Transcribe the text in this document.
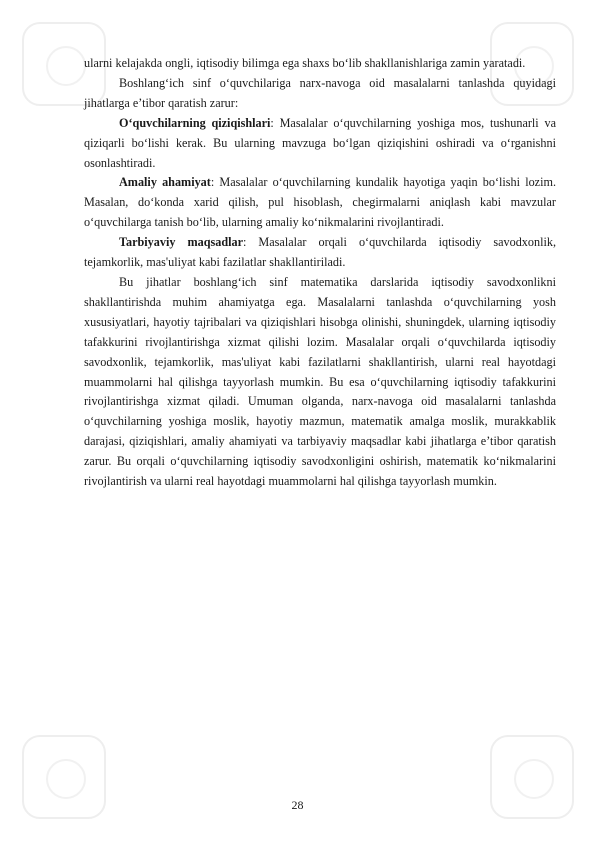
ularni kelajakda ongli, iqtisodiy bilimga ega shaxs bo‘lib shakllanishlariga zamin yaratadi.

Boshlang‘ich sinf o‘quvchilariga narx-navoga oid masalalarni tanlashda quyidagi jihatlarga e’tibor qaratish zarur:

O‘quvchilarning qiziqishlari: Masalalar o‘quvchilarning yoshiga mos, tushunarli va qiziqarli bo‘lishi kerak. Bu ularning mavzuga bo‘lgan qiziqishini oshiradi va o‘rganishni osonlashtiradi.

Amaliy ahamiyat: Masalalar o‘quvchilarning kundalik hayotiga yaqin bo‘lishi lozim. Masalan, do‘konda xarid qilish, pul hisoblash, chegirmalarni aniqlash kabi mavzular o‘quvchilarga tanish bo‘lib, ularning amaliy ko‘nikmalarini rivojlantiradi.

Tarbiyaviy maqsadlar: Masalalar orqali o‘quvchilarda iqtisodiy savodxonlik, tejamkorlik, mas'uliyat kabi fazilatlar shakllantiriladi.

Bu jihatlar boshlang‘ich sinf matematika darslarida iqtisodiy savodxonlikni shakllantirishda muhim ahamiyatga ega. Masalalarni tanlashda o‘quvchilarning yosh xususiyatlari, hayotiy tajribalari va qiziqishlari hisobga olinishi, shuningdek, ularning iqtisodiy tafakkurini rivojlantirishga xizmat qilishi lozim. Masalalar orqali o‘quvchilarda iqtisodiy savodxonlik, tejamkorlik, mas'uliyat kabi fazilatlarni shakllantirish, ularni real hayotdagi muammolarni hal qilishga tayyorlash mumkin. Bu esa o‘quvchilarning iqtisodiy tafakkurini rivojlantirishga xizmat qiladi. Umuman olganda, narx-navoga oid masalalarni tanlashda o‘quvchilarning yoshiga moslik, hayotiy mazmun, matematik amalga moslik, murakkablik darajasi, qiziqishlari, amaliy ahamiyati va tarbiyaviy maqsadlar kabi jihatlarga e’tibor qaratish zarur. Bu orqali o‘quvchilarning iqtisodiy savodxonligini oshirish, matematik ko‘nikmalarini rivojlantirish va ularni real hayotdagi muammolarni hal qilishga tayyorlash mumkin.

28
